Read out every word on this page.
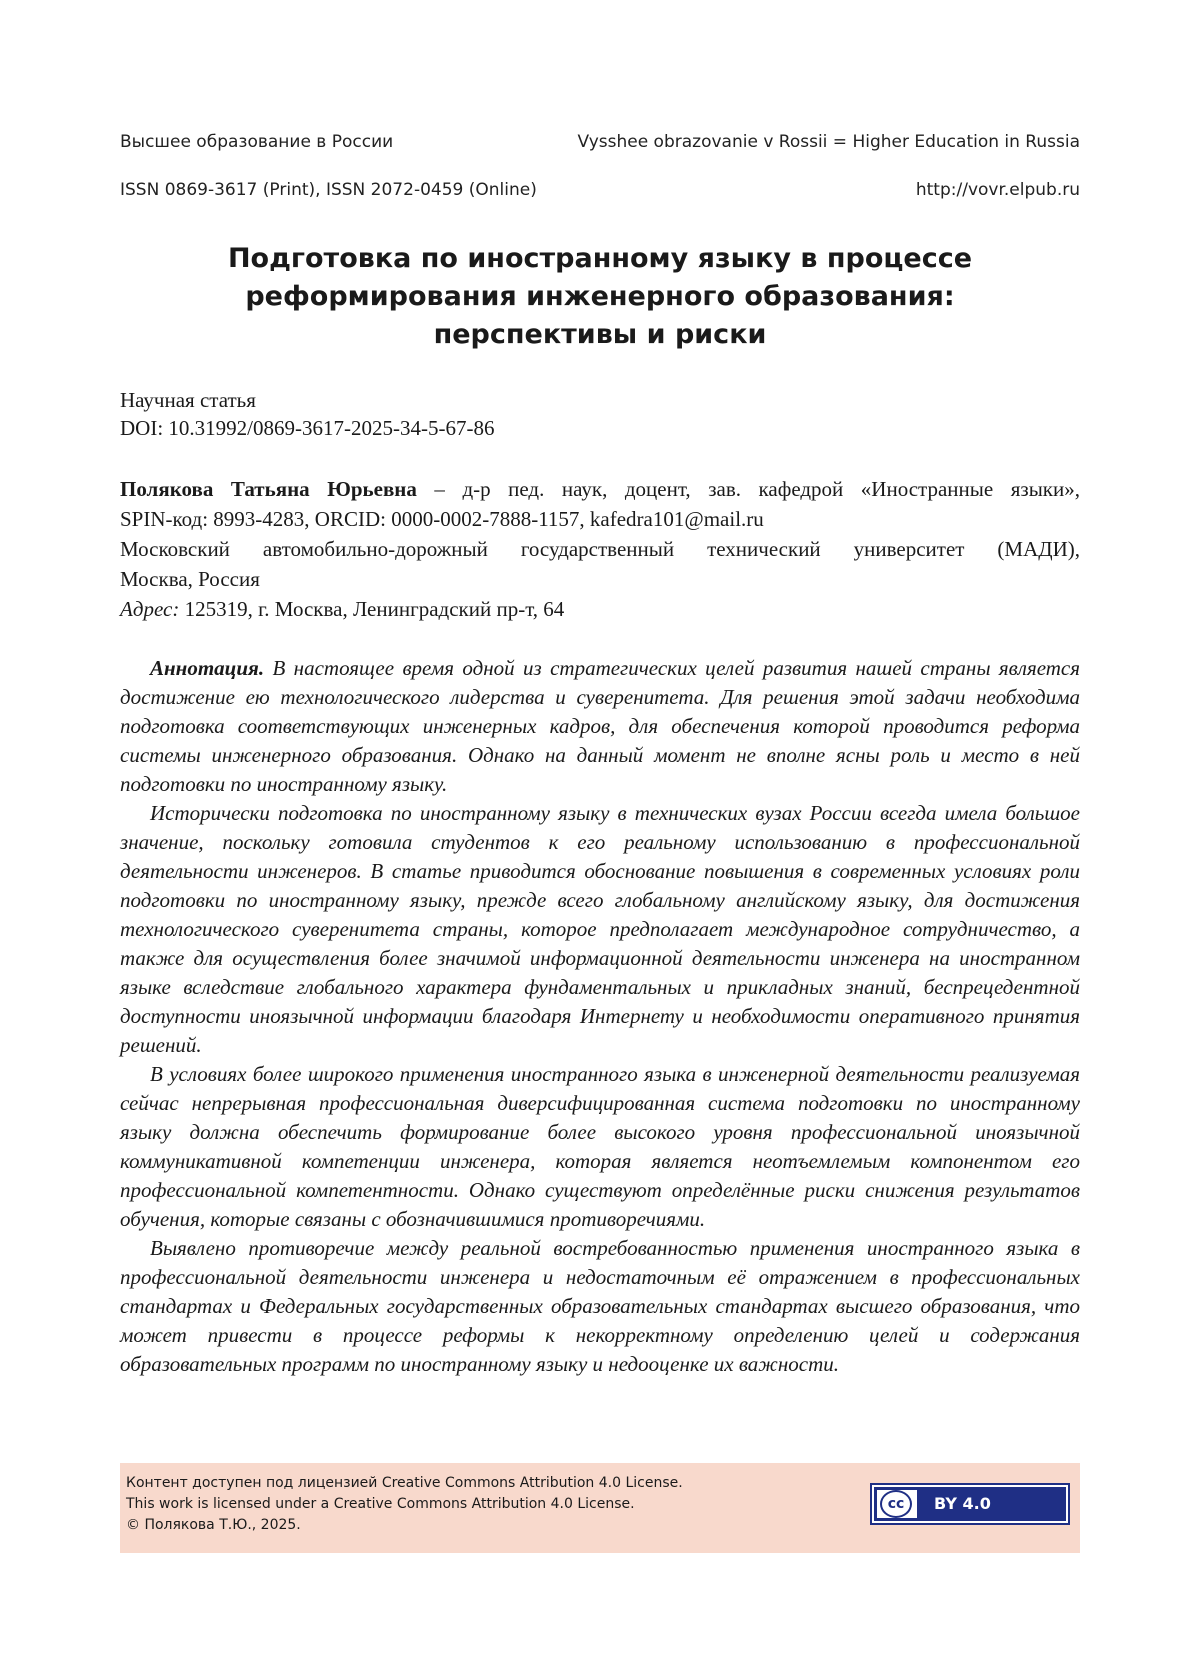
Высшее образование в России	Vysshee obrazovanie v Rossii = Higher Education in Russia
ISSN 0869-3617 (Print), ISSN 2072-0459 (Online)	http://vovr.elpub.ru
Подготовка по иностранному языку в процессе
реформирования инженерного образования:
перспективы и риски
Научная статья
DOI: 10.31992/0869-3617-2025-34-5-67-86
Полякова Татьяна Юрьевна – д-р пед. наук, доцент, зав. кафедрой «Иностранные языки»,
SPIN-код: 8993-4283, ORCID: 0000-0002-7888-1157, kafedra101@mail.ru
Московский автомобильно-дорожный государственный технический университет (МАДИ),
Москва, Россия
Адрес: 125319, г. Москва, Ленинградский пр-т, 64

Аннотация. В настоящее время одной из стратегических целей развития нашей страны является достижение ею технологического лидерства и суверенитета. Для решения этой задачи необходима подготовка соответствующих инженерных кадров, для обеспечения которой проводится реформа системы инженерного образования. Однако на данный момент не вполне ясны роль и место в ней подготовки по иностранному языку.

Исторически подготовка по иностранному языку в технических вузах России всегда имела большое значение, поскольку готовила студентов к его реальному использованию в профессиональной деятельности инженеров. В статье приводится обоснование повышения в современных условиях роли подготовки по иностранному языку, прежде всего глобальному английскому языку, для достижения технологического суверенитета страны, которое предполагает международное сотрудничество, а также для осуществления более значимой информационной деятельности инженера на иностранном языке вследствие глобального характера фундаментальных и прикладных знаний, беспрецедентной доступности иноязычной информации благодаря Интернету и необходимости оперативного принятия решений.

В условиях более широкого применения иностранного языка в инженерной деятельности реализуемая сейчас непрерывная профессиональная диверсифицированная система подготовки по иностранному языку должна обеспечить формирование более высокого уровня профессиональной иноязычной коммуникативной компетенции инженера, которая является неотъемлемым компонентом его профессиональной компетентности. Однако существуют определённые риски снижения результатов обучения, которые связаны с обозначившимися противоречиями.

Выявлено противоречие между реальной востребованностью применения иностранного языка в профессиональной деятельности инженера и недостаточным её отражением в профессиональных стандартах и Федеральных государственных образовательных стандартах высшего образования, что может привести в процессе реформы к некорректному определению целей и содержания образовательных программ по иностранному языку и недооценке их важности.

Контент доступен под лицензией Creative Commons Attribution 4.0 License.
This work is licensed under a Creative Commons Attribution 4.0 License.
© Полякова Т.Ю., 2025.
cc	BY 4.0
